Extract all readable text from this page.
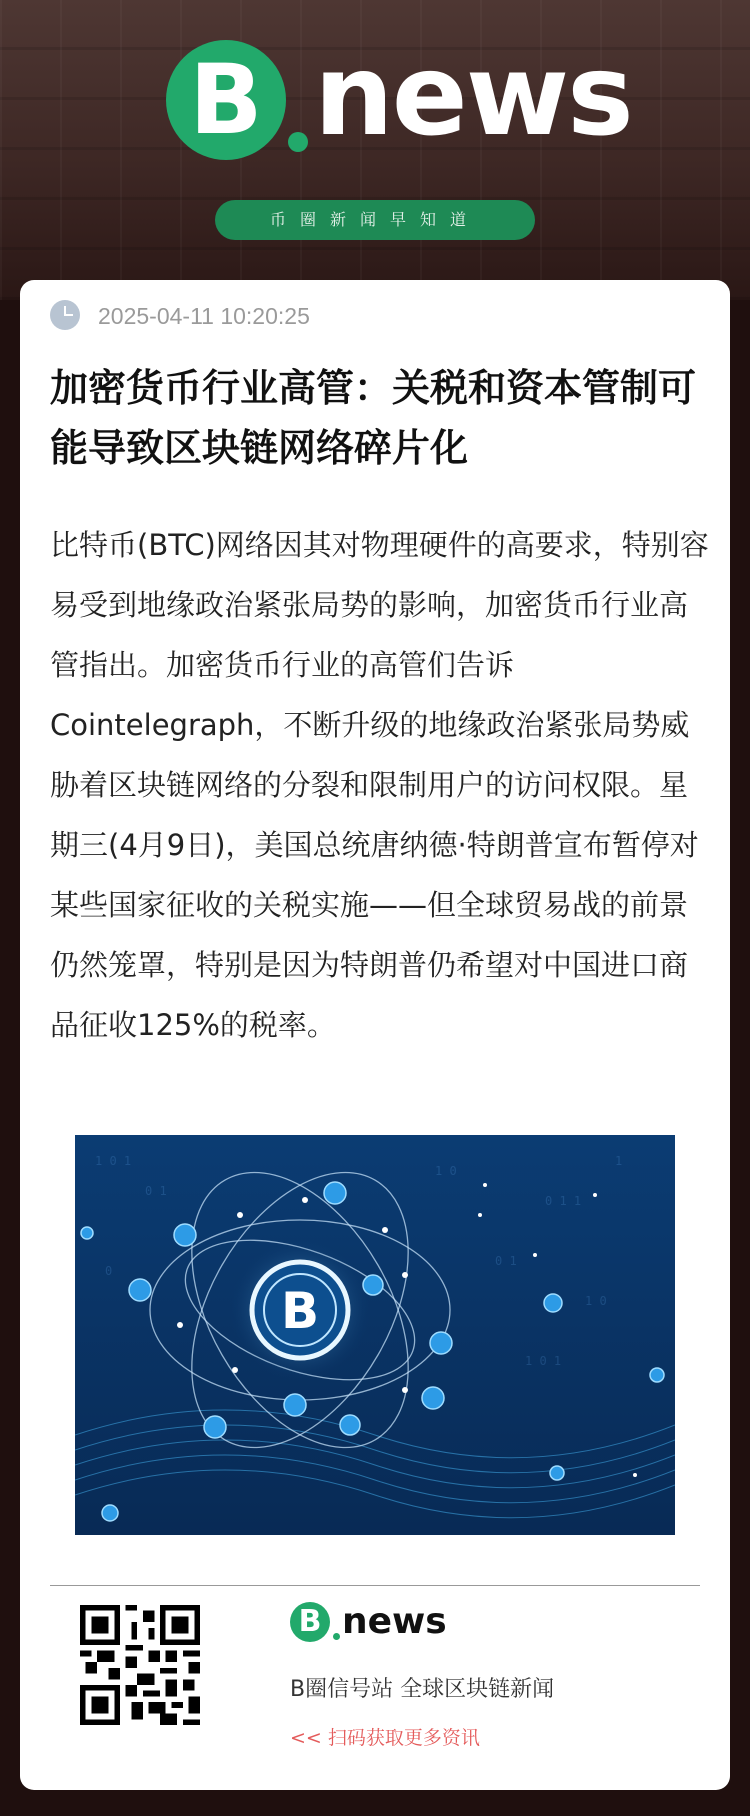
B news
币圈新闻早知道
2025-04-11 10:20:25
加密货币行业高管：关税和资本管制可能导致区块链网络碎片化

比特币(BTC)网络因其对物理硬件的高要求，特别容易受到地缘政治紧张局势的影响，加密货币行业高管指出。加密货币行业的高管们告诉Cointelegraph，不断升级的地缘政治紧张局势威胁着区块链网络的分裂和限制用户的访问权限。星期三(4月9日)，美国总统唐纳德·特朗普宣布暂停对某些国家征收的关税实施——但全球贸易战的前景仍然笼罩，特别是因为特朗普仍希望对中国进口商品征收125%的税率。

1 0 1
0 1
1 0
0 1 1
1
0 1
1 0
0
1 0 1
B
B news
B圈信号站 全球区块链新闻
<< 扫码获取更多资讯
